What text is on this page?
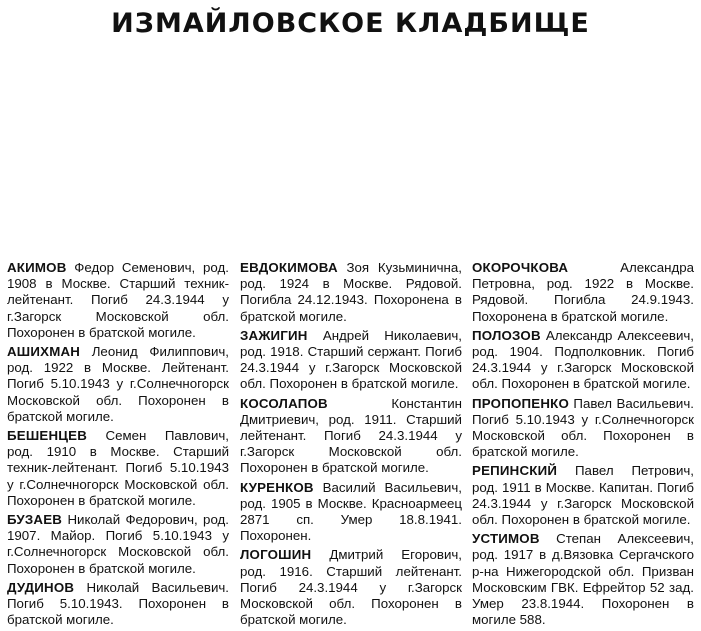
ИЗМАЙЛОВСКОЕ КЛАДБИЩЕ
АКИМОВ Федор Семенович, род. 1908 в Москве. Старший техник-лейтенант. Погиб 24.3.1944 у г.Загорск Московской обл. Похоронен в братской могиле.
АШИХМАН Леонид Филиппович, род. 1922 в Москве. Лейтенант. Погиб 5.10.1943 у г.Солнечногорск Московской обл. Похоронен в братской могиле.
БЕШЕНЦЕВ Семен Павлович, род. 1910 в Москве. Старший техник-лейтенант. Погиб 5.10.1943 у г.Солнечногорск Московской обл. Похоронен в братской могиле.
БУЗАЕВ Николай Федорович, род. 1907. Майор. Погиб 5.10.1943 у г.Солнечногорск Московской обл. Похоронен в братской могиле.
ДУДИНОВ Николай Васильевич. Погиб 5.10.1943. Похоронен в братской могиле.
ЕВДОКИМОВА Зоя Кузьминична, род. 1924 в Москве. Рядовой. Погибла 24.12.1943. Похоронена в братской могиле.
ЗАЖИГИН Андрей Николаевич, род. 1918. Старший сержант. Погиб 24.3.1944 у г.Загорск Московской обл. Похоронен в братской могиле.
КОСОЛАПОВ Константин Дмитриевич, род. 1911. Старший лейтенант. Погиб 24.3.1944 у г.Загорск Московской обл. Похоронен в братской могиле.
КУРЕНКОВ Василий Васильевич, род. 1905 в Москве. Красноармеец 2871 сп. Умер 18.8.1941. Похоронен.
ЛОГОШИН Дмитрий Егорович, род. 1916. Старший лейтенант. Погиб 24.3.1944 у г.Загорск Московской обл. Похоронен в братской могиле.
ОКОРОЧКОВА Александра Петровна, род. 1922 в Москве. Рядовой. Погибла 24.9.1943. Похоронена в братской могиле.
ПОЛОЗОВ Александр Алексеевич, род. 1904. Подполковник. Погиб 24.3.1944 у г.Загорск Московской обл. Похоронен в братской могиле.
ПРОПОПЕНКО Павел Васильевич. Погиб 5.10.1943 у г.Солнечногорск Московской обл. Похоронен в братской могиле.
РЕПИНСКИЙ Павел Петрович, род. 1911 в Москве. Капитан. Погиб 24.3.1944 у г.Загорск Московской обл. Похоронен в братской могиле.
УСТИМОВ Степан Алексеевич, род. 1917 в д.Вязовка Сергачского р-на Нижегородской обл. Призван Московским ГВК. Ефрейтор 52 зад. Умер 23.8.1944. Похоронен в могиле 588.
